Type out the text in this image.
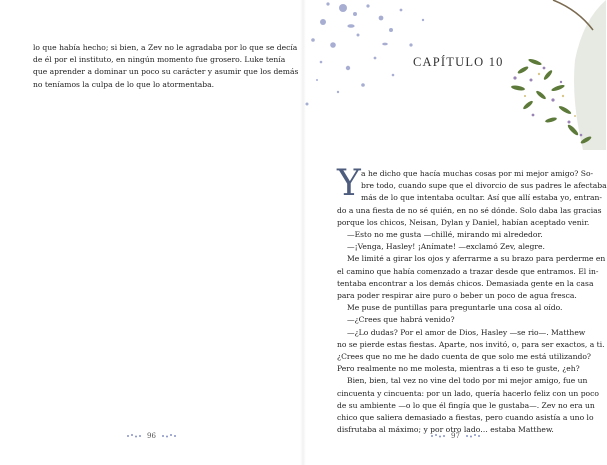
lo que había hecho; si bien, a Zev no le agradaba por lo que se decía
de él por el instituto, en ningún momento fue grosero. Luke tenía
que aprender a dominar un poco su carácter y asumir que los demás
no teníamos la culpa de lo que lo atormentaba.
CAPÍTULO 10
Y a he dicho que hacía muchas cosas por mi mejor amigo? So-
bre todo, cuando supe que el divorcio de sus padres le afectaba
más de lo que intentaba ocultar. Así que allí estaba yo, entran-
do a una fiesta de no sé quién, en no sé dónde. Solo daba las gracias
porque los chicos, Neisan, Dylan y Daniel, habían aceptado venir.
—Esto no me gusta —chillé, mirando mi alrededor.
—¡Venga, Hasley! ¡Anímate! —exclamó Zev, alegre.
Me limité a girar los ojos y aferrarme a su brazo para perderme en
el camino que había comenzado a trazar desde que entramos. El in-
tentaba encontrar a los demás chicos. Demasiada gente en la casa
para poder respirar aire puro o beber un poco de agua fresca.
Me puse de puntillas para preguntarle una cosa al oído.
—¿Crees que habrá venido?
—¿Lo dudas? Por el amor de Dios, Hasley —se rio—. Matthew
no se pierde estas fiestas. Aparte, nos invitó, o, para ser exactos, a ti.
¿Crees que no me he dado cuenta de que solo me está utilizando?
Pero realmente no me molesta, mientras a ti eso te guste, ¿eh?
Bien, bien, tal vez no vine del todo por mi mejor amigo, fue un
cincuenta y cincuenta: por un lado, quería hacerlo feliz con un poco
de su ambiente —o lo que él fingía que le gustaba—. Zev no era un
chico que saliera demasiado a fiestas, pero cuando asistía a uno lo
disfrutaba al máximo; y por otro lado… estaba Matthew.
96	97
